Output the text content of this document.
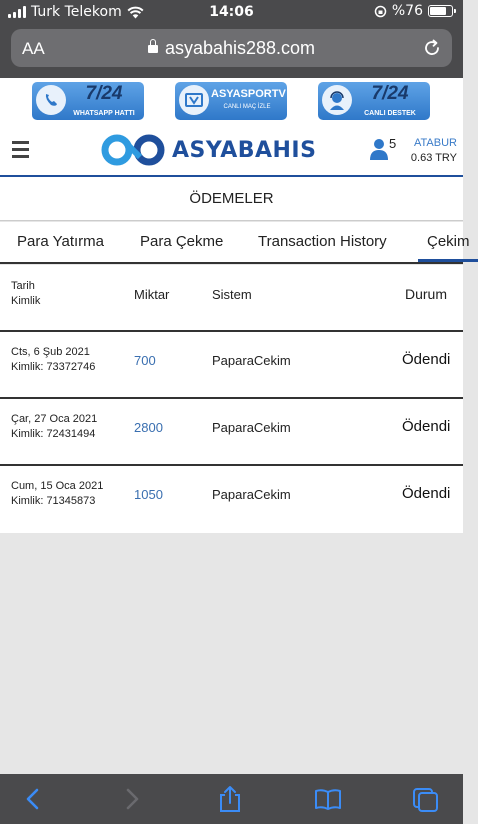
Turk Telekom	14:06	%76
AA	asyabahis288.com
7/24
WHATSAPP HATTI
ASYASPORTV
CANLI MAÇ İZLE
7/24
CANLI DESTEK
ASYABAHIS	5 ATABUR
0.63 TRY
ÖDEMELER
Para Yatırma Para Çekme Transaction History	Çekim
Tarih
Kimlik	Miktar	Sistem	Durum
Cts, 6 Şub 2021
Kimlik: 73372746	700	PaparaCekim	Ödendi
Çar, 27 Oca 2021
Kimlik: 72431494	2800	PaparaCekim	Ödendi
Cum, 15 Oca 2021
Kimlik: 71345873	1050	PaparaCekim	Ödendi
